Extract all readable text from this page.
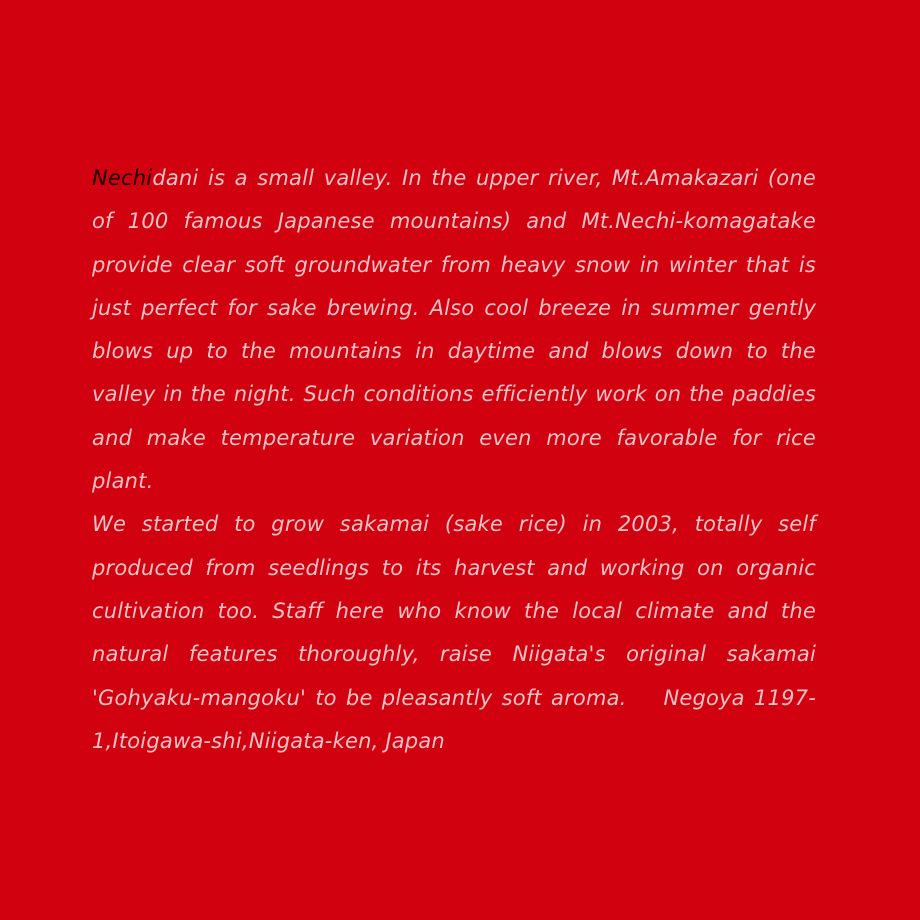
Nechidani is a small valley. In the upper river, Mt.Amakazari (one of 100 famous Japanese mountains) and Mt.Nechi-komagatake provide clear soft groundwater from heavy snow in winter that is just perfect for sake brewing. Also cool breeze in summer gently blows up to the mountains in daytime and blows down to the valley in the night. Such conditions efficiently work on the paddies and make temperature variation even more favorable for rice plant.

We started to grow sakamai (sake rice) in 2003, totally self produced from seedlings to its harvest and working on organic cultivation too. Staff here who know the local climate and the natural features thoroughly, raise Niigata's original sakamai 'Gohyaku-mangoku' to be pleasantly soft aroma. Negoya 1197-1,Itoigawa-shi,Niigata-ken, Japan
